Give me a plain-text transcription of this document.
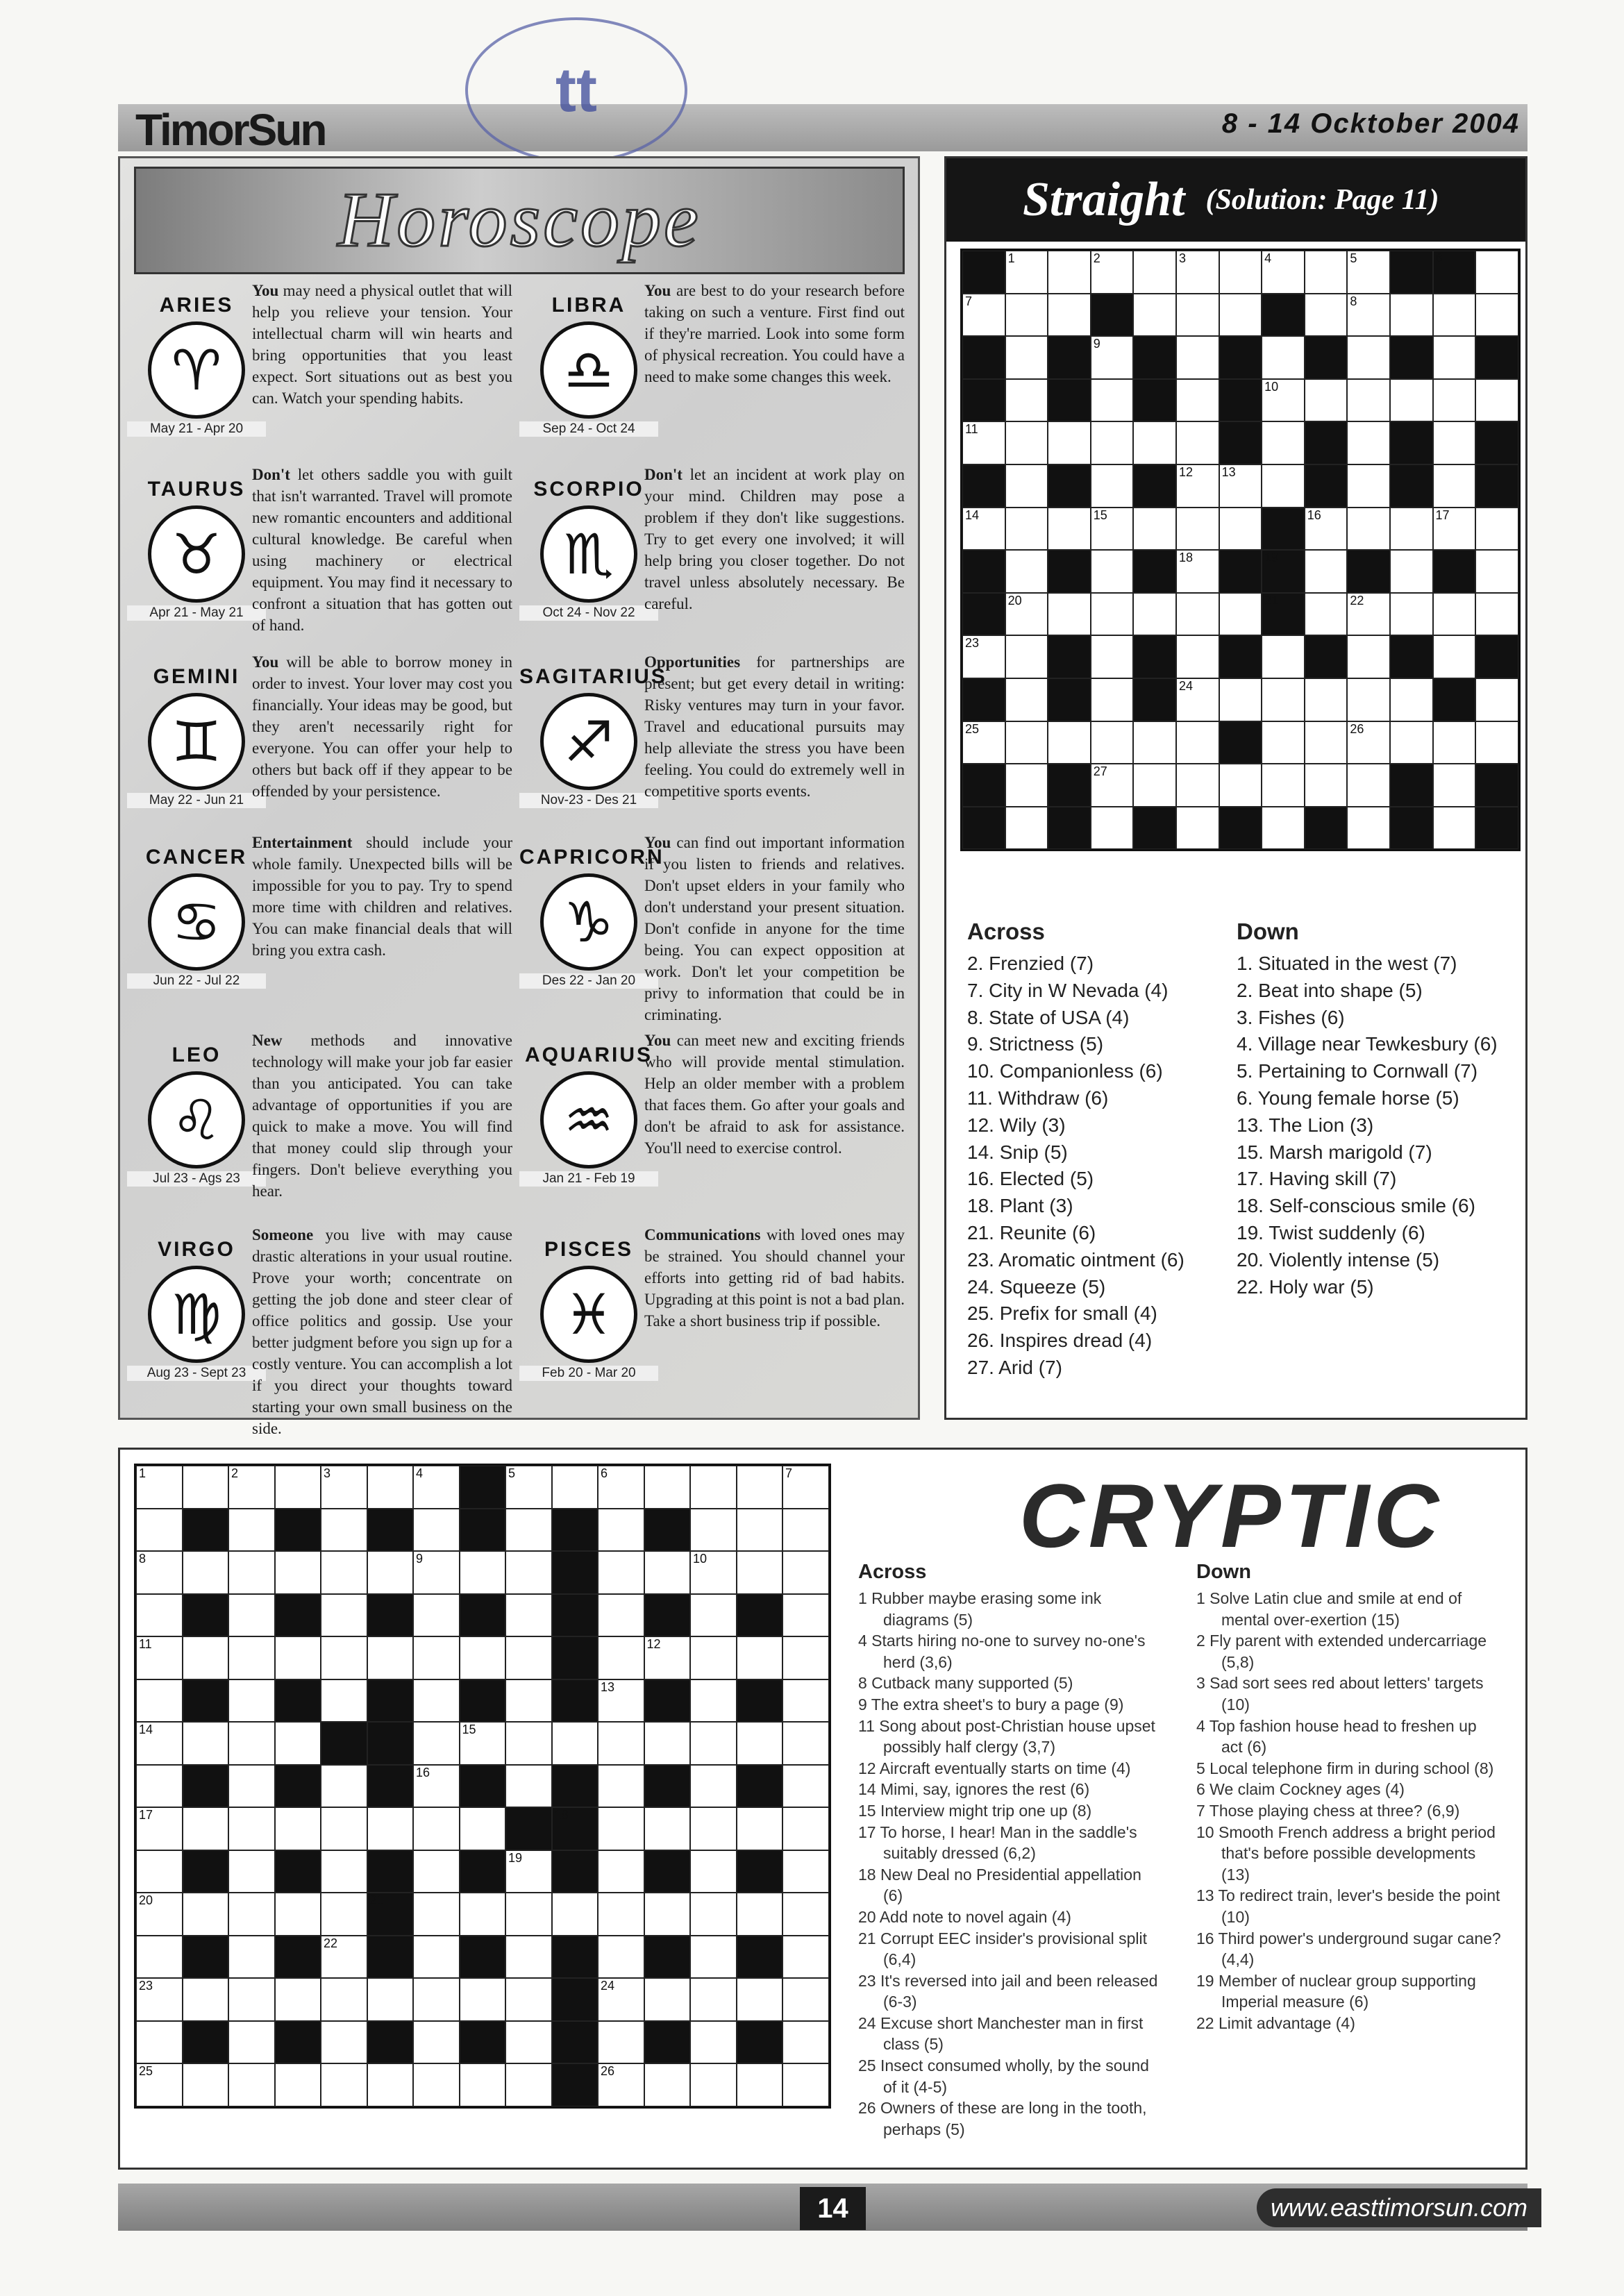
tt
TimorSun	8 - 14 Ocktober 2004
Horoscope
ARIES
♈
May 21 - Apr 20
You may need a physical outlet that will help you relieve your tension. Your intellectual charm will win hearts and bring opportunities that you least expect. Sort situations out as best you can. Watch your spending habits.
TAURUS
♉
Apr 21 - May 21
Don't let others saddle you with guilt that isn't warranted. Travel will promote new romantic encounters and additional cultural knowledge. Be careful when using machinery or electrical equipment. You may find it necessary to confront a situation that has gotten out of hand.
GEMINI
♊
May 22 - Jun 21
You will be able to borrow money in order to invest. Your lover may cost you financially. Your ideas may be good, but they aren't necessarily right for everyone. You can offer your help to others but back off if they appear to be offended by your persistence.
CANCER
♋
Jun 22 - Jul 22
Entertainment should include your whole family. Unexpected bills will be impossible for you to pay. Try to spend more time with children and relatives. You can make financial deals that will bring you extra cash.
LEO
♌
Jul 23 - Ags 23
New methods and innovative technology will make your job far easier than you anticipated. You can take advantage of opportunities if you are quick to make a move. You will find that money could slip through your fingers. Don't believe everything you hear.
VIRGO
♍
Aug 23 - Sept 23
Someone you live with may cause drastic alterations in your usual routine. Prove your worth; concentrate on getting the job done and steer clear of office politics and gossip. Use your better judgment before you sign up for a costly venture. You can accomplish a lot if you direct your thoughts toward starting your own small business on the side.
LIBRA
♎
Sep 24 - Oct 24
You are best to do your research before taking on such a venture. First find out if they're married. Look into some form of physical recreation. You could have a need to make some changes this week.
SCORPIO
♏
Oct 24 - Nov 22
Don't let an incident at work play on your mind. Children may pose a problem if they don't like suggestions. Try to get every one involved; it will help bring you closer together. Do not travel unless absolutely necessary. Be careful.
SAGITARIUS
♐
Nov-23 - Des 21
Opportunities for partnerships are present; but get every detail in writing: Risky ventures may turn in your favor. Travel and educational pursuits may help alleviate the stress you have been feeling. You could do extremely well in competitive sports events.
CAPRICORN
♑
Des 22 - Jan 20
You can find out important information if you listen to friends and relatives. Don't upset elders in your family who don't understand your present situation. Don't confide in anyone for the time being. You can expect opposition at work. Don't let your competition be privy to information that could be in criminating.
AQUARIUS
♒
Jan 21 - Feb 19
You can meet new and exciting friends who will provide mental stimulation. Help an older member with a problem that faces them. Go after your goals and don't be afraid to ask for assistance. You'll need to exercise control.
PISCES
♓
Feb 20 - Mar 20
Communications with loved ones may be strained. You should channel your efforts into getting rid of bad habits. Upgrading at this point is not a bad plan. Take a short business trip if possible.
Straight (Solution: Page 11)
1	2	3	4	5	6
7	8
9
10
11
12 13
14	15	16	17
18	19
20	21	22
23
24
25	26
27
Across
2. Frenzied (7)
7. City in W Nevada (4)
8. State of USA (4)
9. Strictness (5)
10. Companionless (6)
11. Withdraw (6)
12. Wily (3)
14. Snip (5)
16. Elected (5)
18. Plant (3)
21. Reunite (6)
23. Aromatic ointment (6)
24. Squeeze (5)
25. Prefix for small (4)
26. Inspires dread (4)
27. Arid (7)
Down
1. Situated in the west (7)
2. Beat into shape (5)
3. Fishes (6)
4. Village near Tewkesbury (6)
5. Pertaining to Cornwall (7)
6. Young female horse (5)
13. The Lion (3)
15. Marsh marigold (7)
17. Having skill (7)
18. Self-conscious smile (6)
19. Twist suddenly (6)
20. Violently intense (5)
22. Holy war (5)
1	2	3	4	5	6	7
8	9	10
11	12
13
14	15
16
17	18
19
20	21
22
23	24
25	26
CRYPTIC
Across
1 Rubber maybe erasing some ink diagrams (5)
4 Starts hiring no-one to survey no-one's herd (3,6)
8 Cutback many supported (5)
9 The extra sheet's to bury a page (9)
11 Song about post-Christian house upset possibly half clergy (3,7)
12 Aircraft eventually starts on time (4)
14 Mimi, say, ignores the rest (6)
15 Interview might trip one up (8)
17 To horse, I hear! Man in the saddle's suitably dressed (6,2)
18 New Deal no Presidential appellation (6)
20 Add note to novel again (4)
21 Corrupt EEC insider's provisional split (6,4)
23 It's reversed into jail and been released (6-3)
24 Excuse short Manchester man in first class (5)
25 Insect consumed wholly, by the sound of it (4-5)
26 Owners of these are long in the tooth, perhaps (5)
Down
1 Solve Latin clue and smile at end of mental over-exertion (15)
2 Fly parent with extended undercarriage (5,8)
3 Sad sort sees red about letters' targets (10)
4 Top fashion house head to freshen up act (6)
5 Local telephone firm in during school (8)
6 We claim Cockney ages (4)
7 Those playing chess at three? (6,9)
10 Smooth French address a bright period that's before possible developments (13)
13 To redirect train, lever's beside the point (10)
16 Third power's underground sugar cane? (4,4)
19 Member of nuclear group supporting Imperial measure (6)
22 Limit advantage (4)
14	www.easttimorsun.com
